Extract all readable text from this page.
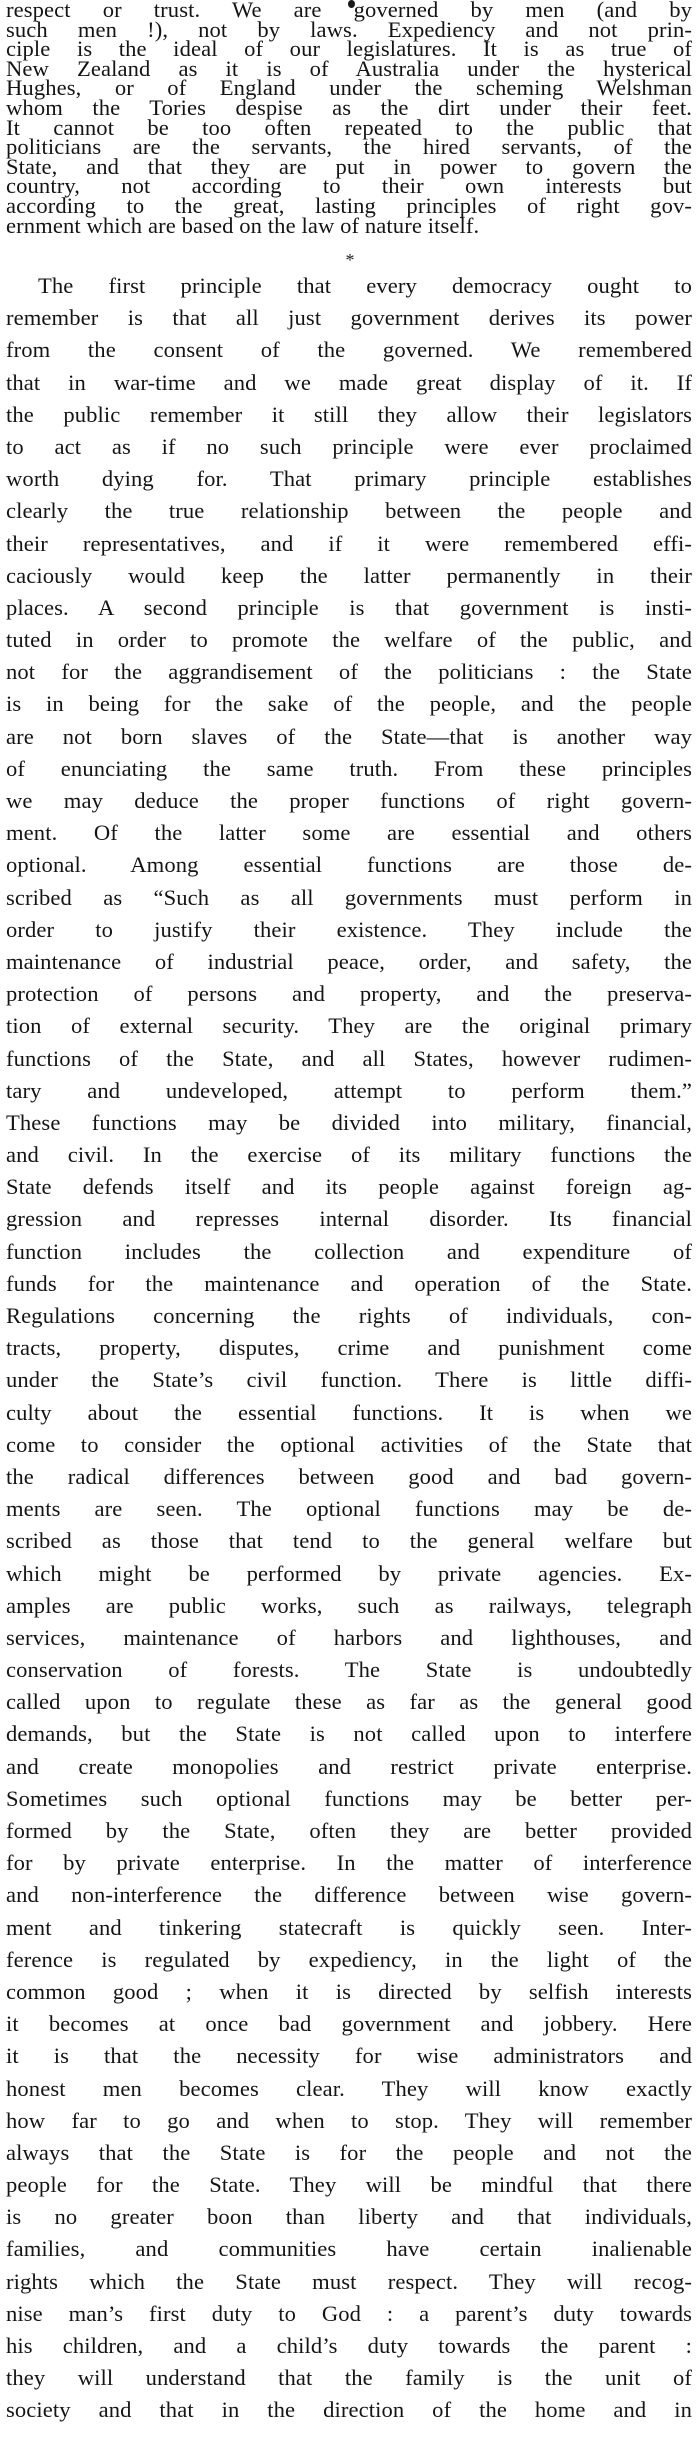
respect or trust. We are governed by men (and by
such men !), not by laws. Expediency and not prin-
ciple is the ideal of our legislatures. It is as true of
New Zealand as it is of Australia under the hysterical
Hughes, or of England under the scheming Welshman
whom the Tories despise as the dirt under their feet.
It cannot be too often repeated to the public that
politicians are the servants, the hired servants, of the
State, and that they are put in power to govern the
country, not according to their own interests but
according to the great, lasting principles of right gov-
ernment which are based on the law of nature itself.
*
The first principle that every democracy ought to
remember is that all just government derives its power
from the consent of the governed. We remembered
that in war-time and we made great display of it. If
the public remember it still they allow their legislators
to act as if no such principle were ever proclaimed
worth dying for. That primary principle establishes
clearly the true relationship between the people and
their representatives, and if it were remembered effi-
caciously would keep the latter permanently in their
places. A second principle is that government is insti-
tuted in order to promote the welfare of the public, and
not for the aggrandisement of the politicians : the State
is in being for the sake of the people, and the people
are not born slaves of the State—that is another way
of enunciating the same truth. From these principles
we may deduce the proper functions of right govern-
ment. Of the latter some are essential and others
optional. Among essential functions are those de-
scribed as “Such as all governments must perform in
order to justify their existence. They include the
maintenance of industrial peace, order, and safety, the
protection of persons and property, and the preserva-
tion of external security. They are the original primary
functions of the State, and all States, however rudimen-
tary and undeveloped, attempt to perform them.”
These functions may be divided into military, financial,
and civil. In the exercise of its military functions the
State defends itself and its people against foreign ag-
gression and represses internal disorder. Its financial
function includes the collection and expenditure of
funds for the maintenance and operation of the State.
Regulations concerning the rights of individuals, con-
tracts, property, disputes, crime and punishment come
under the State’s civil function. There is little diffi-
culty about the essential functions. It is when we
come to consider the optional activities of the State that
the radical differences between good and bad govern-
ments are seen. The optional functions may be de-
scribed as those that tend to the general welfare but
which might be performed by private agencies. Ex-
amples are public works, such as railways, telegraph
services, maintenance of harbors and lighthouses, and
conservation of forests. The State is undoubtedly
called upon to regulate these as far as the general good
demands, but the State is not called upon to interfere
and create monopolies and restrict private enterprise.
Sometimes such optional functions may be better per-
formed by the State, often they are better provided
for by private enterprise. In the matter of interference
and non-interference the difference between wise govern-
ment and tinkering statecraft is quickly seen. Inter-
ference is regulated by expediency, in the light of the
common good ; when it is directed by selfish interests
it becomes at once bad government and jobbery. Here
it is that the necessity for wise administrators and
honest men becomes clear. They will know exactly
how far to go and when to stop. They will remember
always that the State is for the people and not the
people for the State. They will be mindful that there
is no greater boon than liberty and that individuals,
families, and communities have certain inalienable
rights which the State must respect. They will recog-
nise man’s first duty to God : a parent’s duty towards
his children, and a child’s duty towards the parent :
they will understand that the family is the unit of
society and that in the direction of the home and in
